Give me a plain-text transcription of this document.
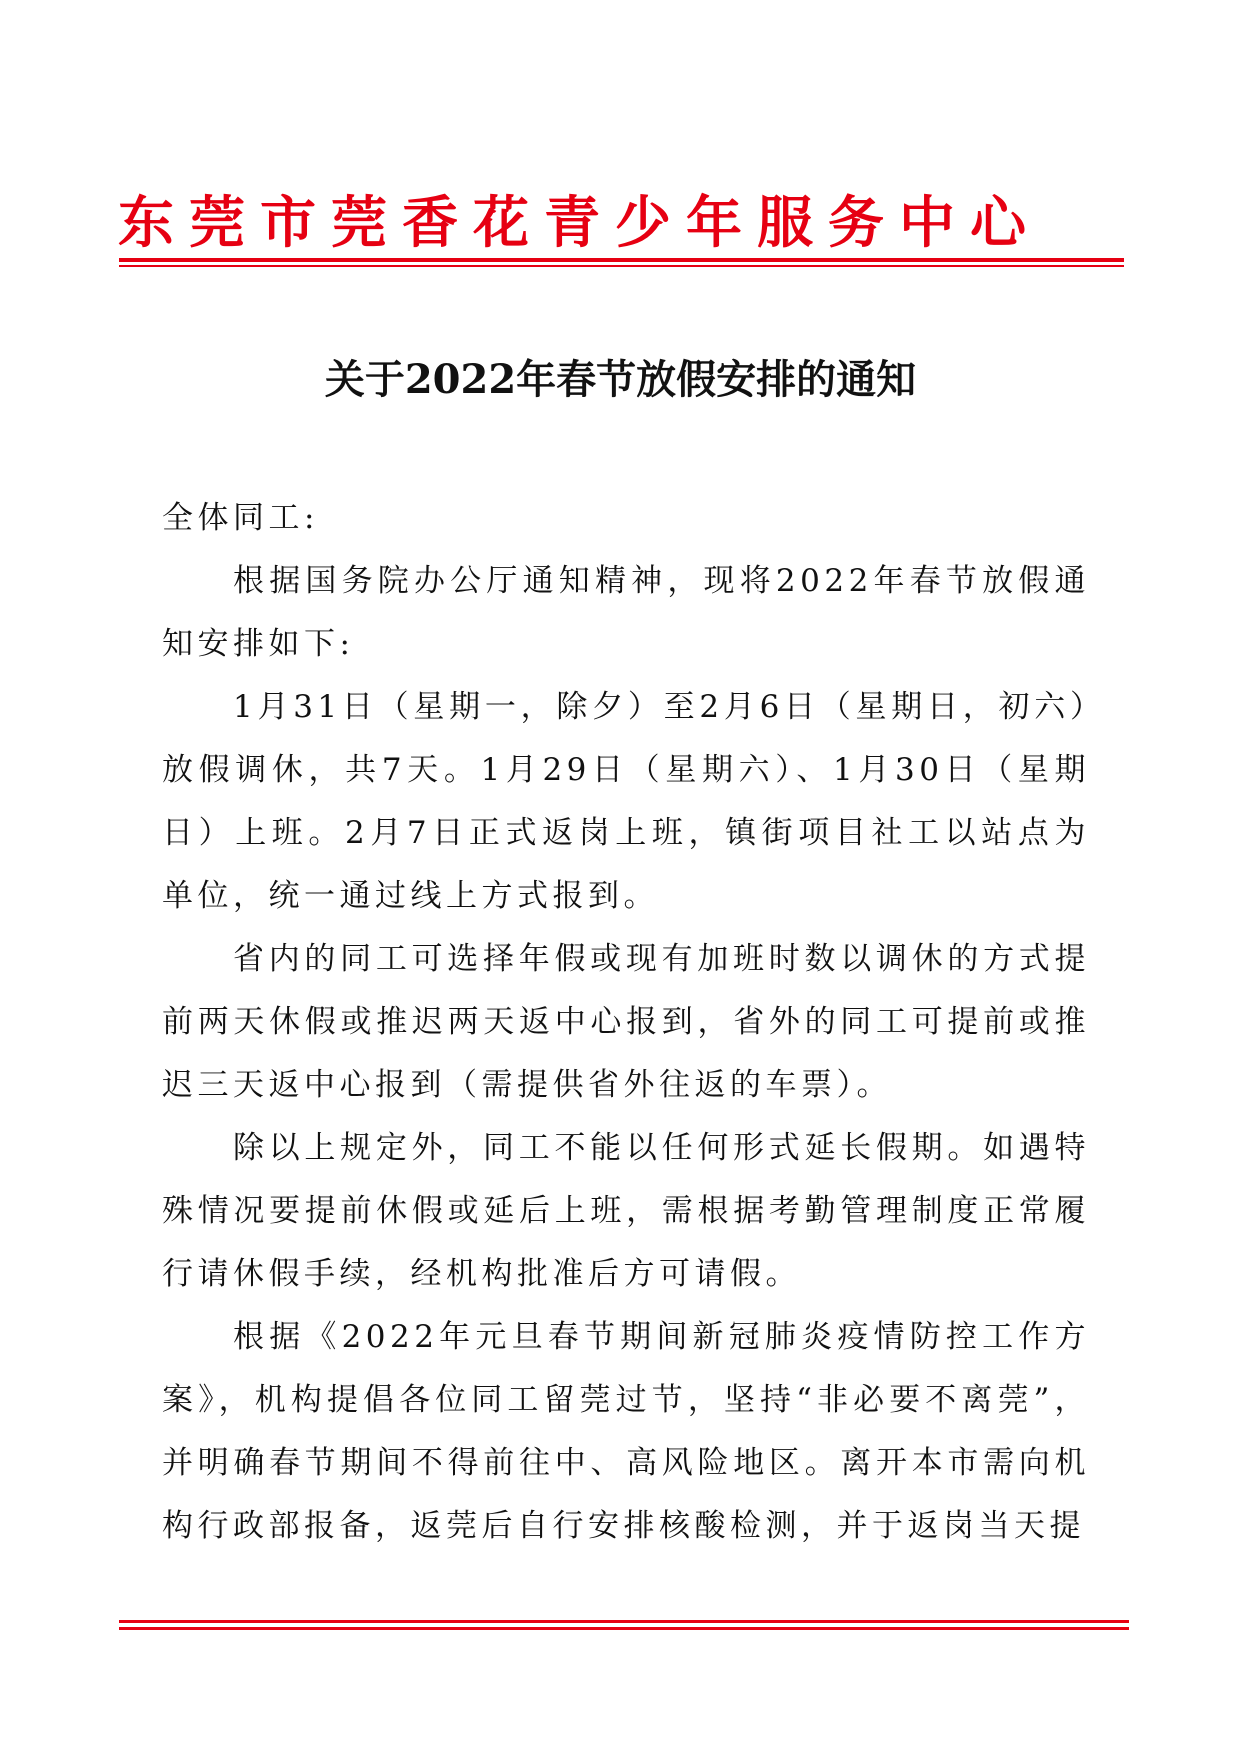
东莞市莞香花青少年服务中心
关于2022年春节放假安排的通知

全体同工:

根据国务院办公厅通知精神，现将2022年春节放假通知安排如下:

1月31日（星期一，除夕）至2月6日（星期日，初六）放假调休，共7天。1月29日（星期六）、1月30日（星期日）上班。2月7日正式返岗上班，镇街项目社工以站点为单位，统一通过线上方式报到。

省内的同工可选择年假或现有加班时数以调休的方式提前两天休假或推迟两天返中心报到，省外的同工可提前或推迟三天返中心报到（需提供省外往返的车票）。

除以上规定外，同工不能以任何形式延长假期。如遇特殊情况要提前休假或延后上班，需根据考勤管理制度正常履行请休假手续，经机构批准后方可请假。

根据《2022年元旦春节期间新冠肺炎疫情防控工作方案》，机构提倡各位同工留莞过节，坚持“非必要不离莞”，并明确春节期间不得前往中、高风险地区。离开本市需向机构行政部报备，返莞后自行安排核酸检测，并于返岗当天提
